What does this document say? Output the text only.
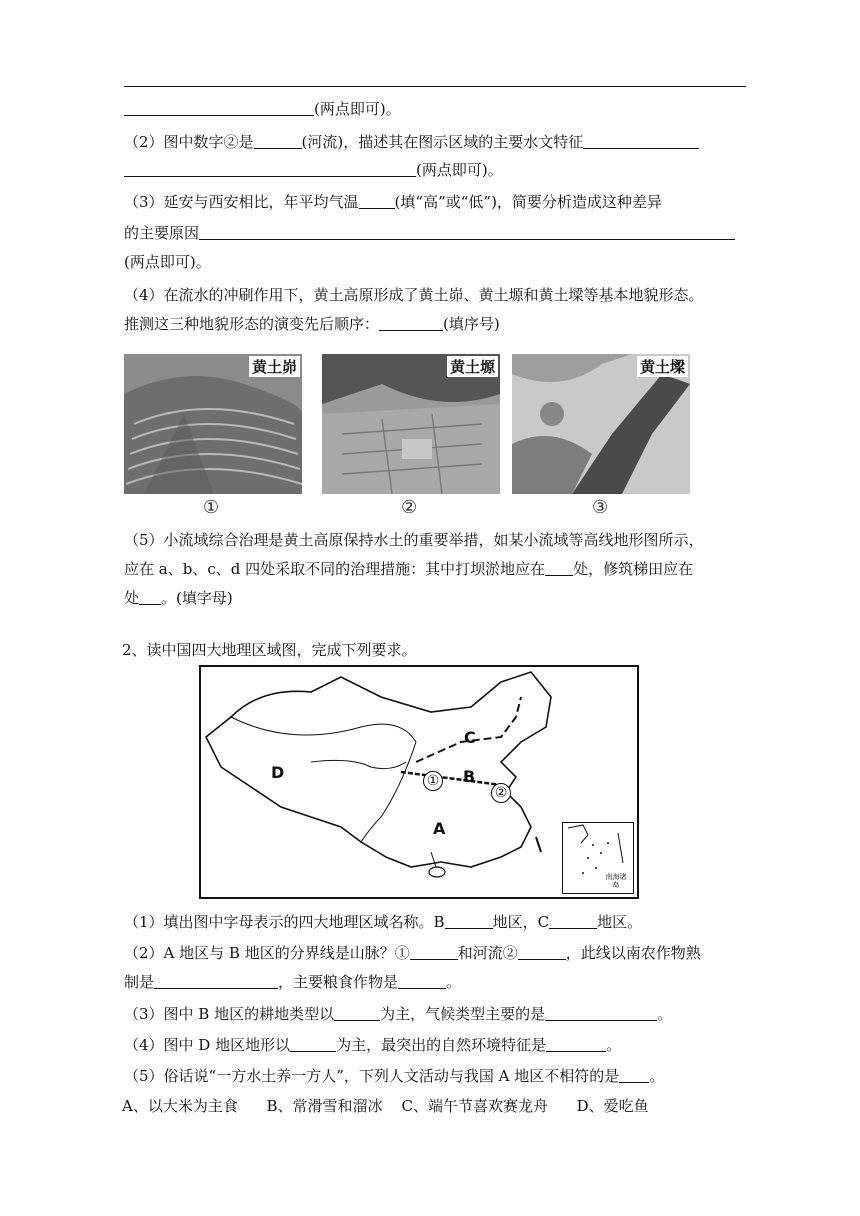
(两点即可)。
（2）图中数字②是	(河流)，描述其在图示区域的主要水文特征
(两点即可)。
（3）延安与西安相比，年平均气温 (填“高”或“低”)，简要分析造成这种差异
的主要原因
(两点即可)。
（4）在流水的冲刷作用下，黄土高原形成了黄土峁、黄土塬和黄土墚等基本地貌形态。
推测这三种地貌形态的演变先后顺序：	(填序号)
黄土峁	黄土塬	黄土墚
①	②	③
（5）小流域综合治理是黄土高原保持水土的重要举措，如某小流域等高线地形图所示，
应在 a、b、c、d 四处采取不同的治理措施：其中打坝淤地应在 处，修筑梯田应在
处 。(填字母)
2、读中国四大地理区域图，完成下列要求。
D
C
B
A
①
②
南海诸岛
（1）填出图中字母表示的四大地理区域名称。B	地区，C	地区。
（2）A 地区与 B 地区的分界线是山脉？①	和河流②	，此线以南农作物熟
制是	，主要粮食作物是	。
（3）图中 B 地区的耕地类型以	为主，气候类型主要的是	。
（4）图中 D 地区地形以	为主，最突出的自然环境特征是	。
（5）俗话说“一方水土养一方人”，下列人文活动与我国 A 地区不相符的是 。
A、以大米为主食      B、常滑雪和溜冰    C、端午节喜欢赛龙舟      D、爱吃鱼
